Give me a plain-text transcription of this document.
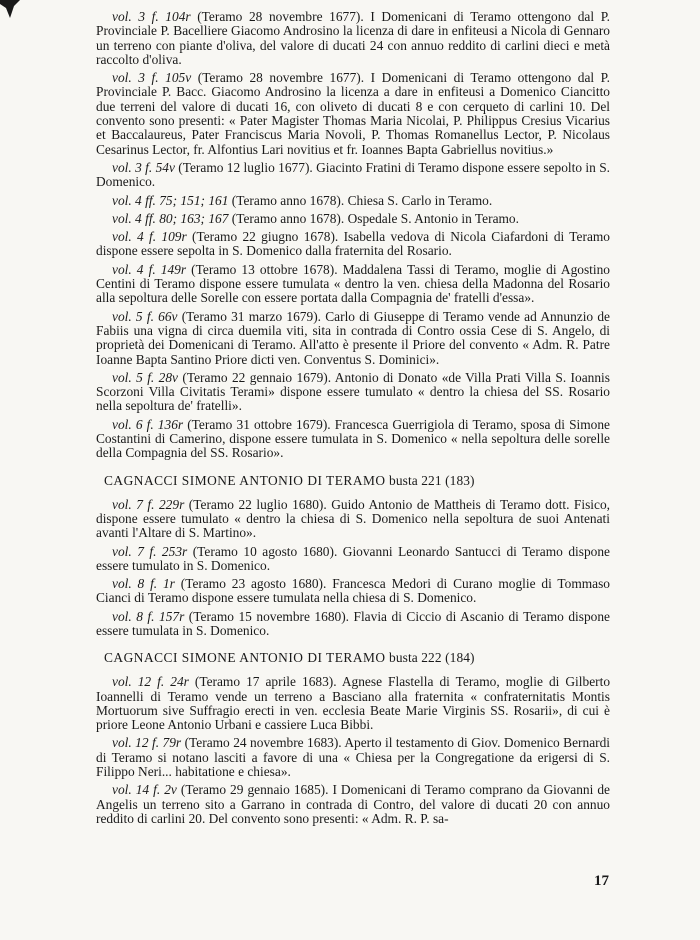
vol. 3 f. 104r (Teramo 28 novembre 1677). I Domenicani di Teramo ottengono dal P. Provinciale P. Bacelliere Giacomo Androsino la licenza di dare in enfiteusi a Nicola di Gennaro un terreno con piante d'oliva, del valore di ducati 24 con annuo reddito di carlini dieci e metà raccolto d'oliva.

vol. 3 f. 105v (Teramo 28 novembre 1677). I Domenicani di Teramo ottengono dal P. Provinciale P. Bacc. Giacomo Androsino la licenza a dare in enfiteusi a Domenico Ciancitto due terreni del valore di ducati 16, con oliveto di ducati 8 e con cerqueto di carlini 10. Del convento sono presenti: « Pater Magister Thomas Maria Nicolai, P. Philippus Cresius Vicarius et Baccalaureus, Pater Franciscus Maria Novoli, P. Thomas Romanellus Lector, P. Nicolaus Cesarinus Lector, fr. Alfontius Lari novitius et fr. Ioannes Bapta Gabriellus novitius.»

vol. 3 f. 54v (Teramo 12 luglio 1677). Giacinto Fratini di Teramo dispone essere sepolto in S. Domenico.

vol. 4 ff. 75; 151; 161 (Teramo anno 1678). Chiesa S. Carlo in Teramo.

vol. 4 ff. 80; 163; 167 (Teramo anno 1678). Ospedale S. Antonio in Teramo.

vol. 4 f. 109r (Teramo 22 giugno 1678). Isabella vedova di Nicola Ciafardoni di Teramo dispone essere sepolta in S. Domenico dalla fraternita del Rosario.

vol. 4 f. 149r (Teramo 13 ottobre 1678). Maddalena Tassi di Teramo, moglie di Agostino Centini di Teramo dispone essere tumulata « dentro la ven. chiesa della Madonna del Rosario alla sepoltura delle Sorelle con essere portata dalla Compagnia de' fratelli d'essa».

vol. 5 f. 66v (Teramo 31 marzo 1679). Carlo di Giuseppe di Teramo vende ad Annunzio de Fabiis una vigna di circa duemila viti, sita in contrada di Contro ossia Cese di S. Angelo, di proprietà dei Domenicani di Teramo. All'atto è presente il Priore del convento « Adm. R. Patre Ioanne Bapta Santino Priore dicti ven. Conventus S. Dominici».

vol. 5 f. 28v (Teramo 22 gennaio 1679). Antonio di Donato «de Villa Prati Villa S. Ioannis Scorzoni Villa Civitatis Terami» dispone essere tumulato « dentro la chiesa del SS. Rosario nella sepoltura de' fratelli».

vol. 6 f. 136r (Teramo 31 ottobre 1679). Francesca Guerrigiola di Teramo, sposa di Simone Costantini di Camerino, dispone essere tumulata in S. Domenico « nella sepoltura delle sorelle della Compagnia del SS. Rosario».

CAGNACCI SIMONE ANTONIO DI TERAMO busta 221 (183)

vol. 7 f. 229r (Teramo 22 luglio 1680). Guido Antonio de Mattheis di Teramo dott. Fisico, dispone essere tumulato « dentro la chiesa di S. Domenico nella sepoltura de suoi Antenati avanti l'Altare di S. Martino».

vol. 7 f. 253r (Teramo 10 agosto 1680). Giovanni Leonardo Santucci di Teramo dispone essere tumulato in S. Domenico.

vol. 8 f. 1r (Teramo 23 agosto 1680). Francesca Medori di Curano moglie di Tommaso Cianci di Teramo dispone essere tumulata nella chiesa di S. Domenico.

vol. 8 f. 157r (Teramo 15 novembre 1680). Flavia di Ciccio di Ascanio di Teramo dispone essere tumulata in S. Domenico.

CAGNACCI SIMONE ANTONIO DI TERAMO busta 222 (184)

vol. 12 f. 24r (Teramo 17 aprile 1683). Agnese Flastella di Teramo, moglie di Gilberto Ioannelli di Teramo vende un terreno a Basciano alla fraternita « confraternitatis Montis Mortuorum sive Suffragio erecti in ven. ecclesia Beate Marie Virginis SS. Rosarii», di cui è priore Leone Antonio Urbani e cassiere Luca Bibbi.

vol. 12 f. 79r (Teramo 24 novembre 1683). Aperto il testamento di Giov. Domenico Bernardi di Teramo si notano lasciti a favore di una « Chiesa per la Congregatione da erigersi di S. Filippo Neri... habitatione e chiesa».

vol. 14 f. 2v (Teramo 29 gennaio 1685). I Domenicani di Teramo comprano da Giovanni de Angelis un terreno sito a Garrano in contrada di Contro, del valore di ducati 20 con annuo reddito di carlini 20. Del convento sono presenti: « Adm. R. P. sa-

17
